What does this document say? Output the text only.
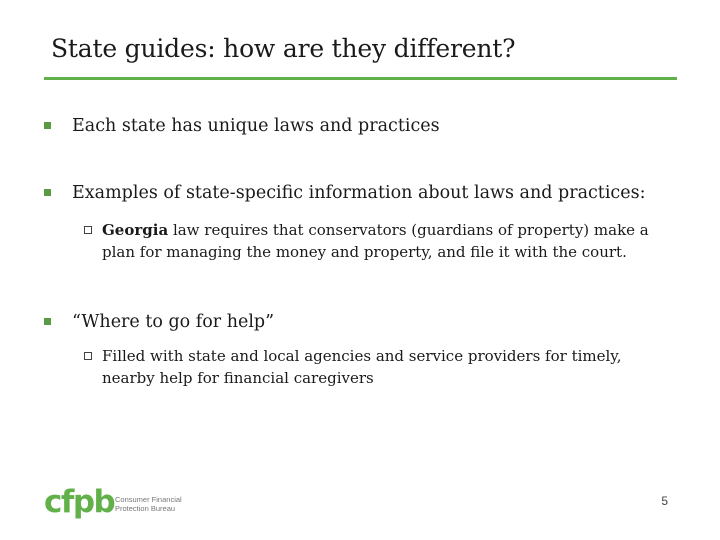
State guides: how are they different?
Each state has unique laws and practices
Examples of state-specific information about laws and practices:
Georgia law requires that conservators (guardians of property) make a plan for managing the money and property, and file it with the court.
“Where to go for help”
Filled with state and local agencies and service providers for timely, nearby help for financial caregivers
cfpb Consumer Financial
Protection Bureau
5
